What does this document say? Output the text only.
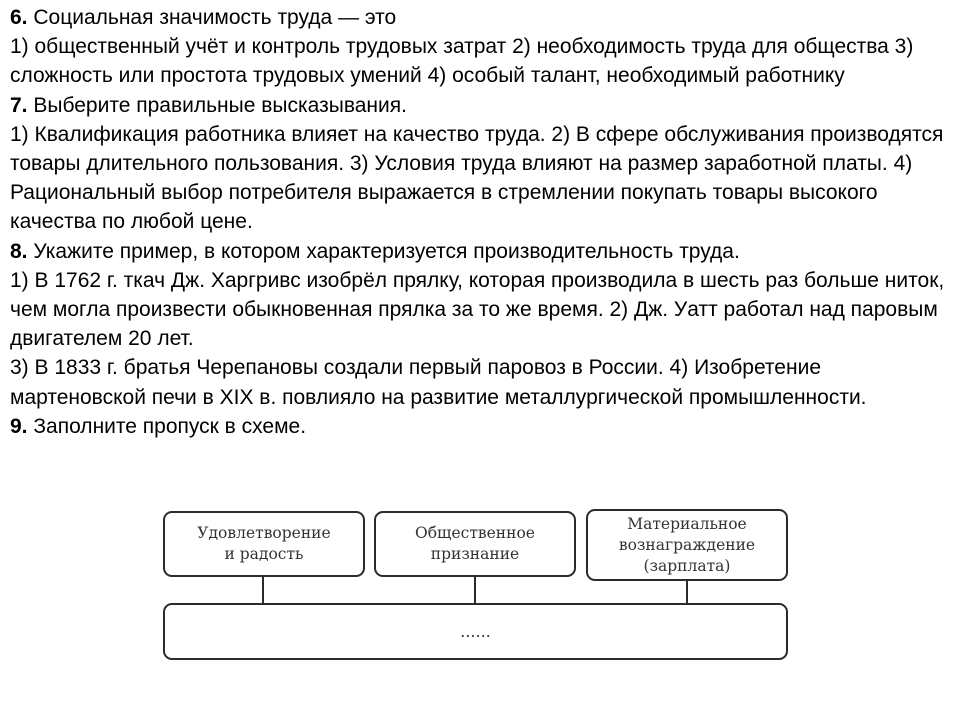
6. Социальная значимость труда — это

1) общественный учёт и контроль трудовых затрат 2) необходимость труда для общества 3) сложность или простота трудовых умений 4) особый талант, необходимый работнику

7. Выберите правильные высказывания.

1) Квалификация работника влияет на качество труда. 2) В сфере обслуживания производятся товары длительного пользования. 3) Условия труда влияют на размер заработной платы. 4) Рациональный выбор потребителя выражается в стремлении покупать товары высокого качества по любой цене.

8. Укажите пример, в котором характеризуется производительность труда.

1) В 1762 г. ткач Дж. Харгривс изобрёл прялку, которая производила в шесть раз больше ниток, чем могла произвести обыкновенная прялка за то же время. 2) Дж. Уатт работал над паровым двигателем 20 лет.

3) В 1833 г. братья Черепановы создали первый паровоз в России. 4) Изобретение мартеновской печи в XIX в. повлияло на развитие металлургической промышленности.

9. Заполните пропуск в схеме.

Удовлетворение
и радость
Общественное
признание
Материальное
вознаграждение
(зарплата)
......
